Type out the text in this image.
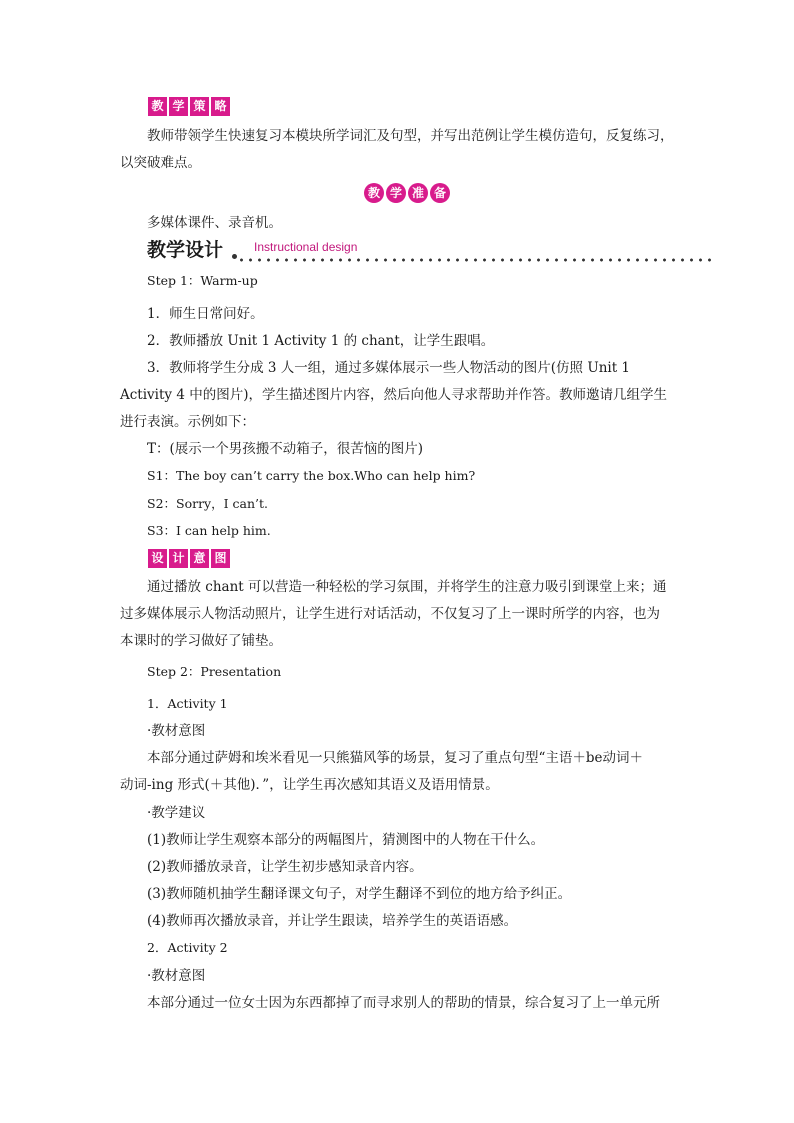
教 学 策 略
教师带领学生快速复习本模块所学词汇及句型，并写出范例让学生模仿造句，反复练习，
以突破难点。
教 学 准 备
多媒体课件、录音机。
教学设计	Instructional design
Step 1：Warm-up
1．师生日常问好。
2．教师播放 Unit 1 Activity 1 的 chant，让学生跟唱。
3．教师将学生分成 3 人一组，通过多媒体展示一些人物活动的图片(仿照 Unit 1
Activity 4 中的图片)，学生描述图片内容，然后向他人寻求帮助并作答。教师邀请几组学生
进行表演。示例如下：
T：(展示一个男孩搬不动箱子，很苦恼的图片)
S1：The boy can’t carry the box.Who can help him?
S2：Sorry，I can’t.
S3：I can help him.
设 计 意 图
通过播放 chant 可以营造一种轻松的学习氛围，并将学生的注意力吸引到课堂上来；通
过多媒体展示人物活动照片，让学生进行对话活动，不仅复习了上一课时所学的内容，也为
本课时的学习做好了铺垫。
Step 2：Presentation
1．Activity 1
·教材意图
本部分通过萨姆和埃米看见一只熊猫风筝的场景，复习了重点句型“主语＋be动词＋
动词-ing 形式(＋其他)．”，让学生再次感知其语义及语用情景。
·教学建议
(1)教师让学生观察本部分的两幅图片，猜测图中的人物在干什么。
(2)教师播放录音，让学生初步感知录音内容。
(3)教师随机抽学生翻译课文句子，对学生翻译不到位的地方给予纠正。
(4)教师再次播放录音，并让学生跟读，培养学生的英语语感。
2．Activity 2
·教材意图
本部分通过一位女士因为东西都掉了而寻求别人的帮助的情景，综合复习了上一单元所
